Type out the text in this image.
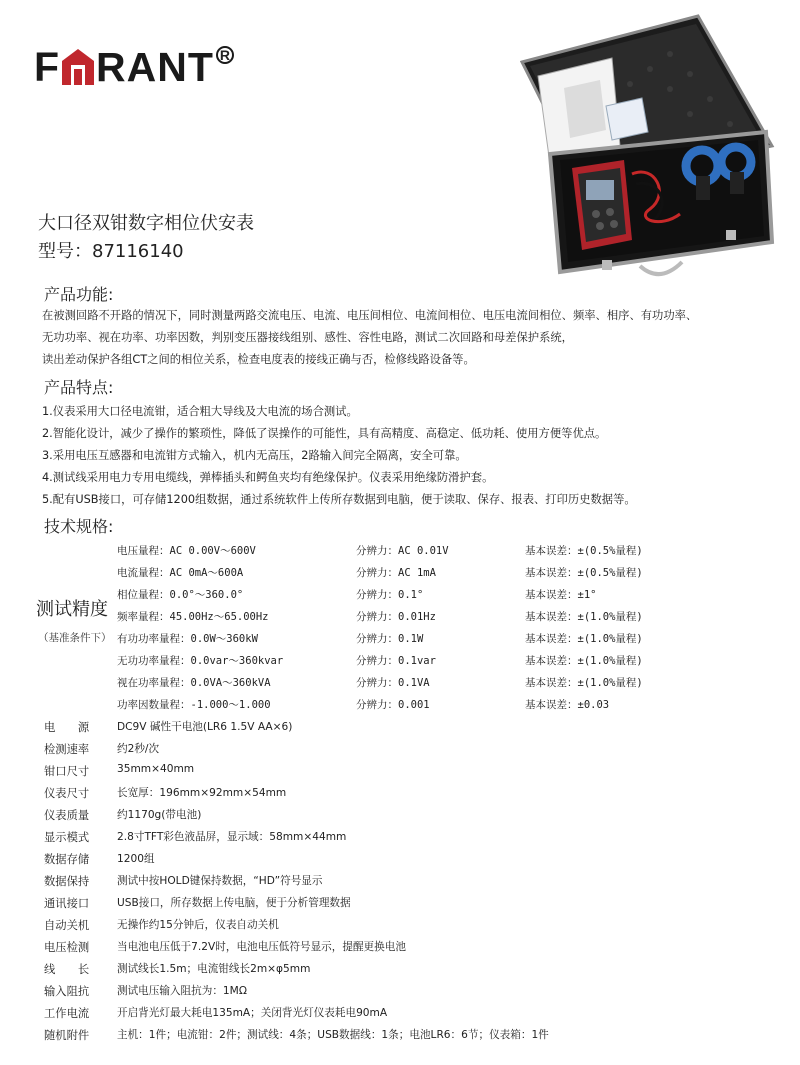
F RANT R
大口径双钳数字相位伏安表
型号：87116140
产品功能:
在被测回路不开路的情况下，同时测量两路交流电压、电流、电压间相位、电流间相位、电压电流间相位、频率、相序、有功功率、
无功功率、视在功率、功率因数，判别变压器接线组别、感性、容性电路，测试二次回路和母差保护系统，
读出差动保护各组CT之间的相位关系，检查电度表的接线正确与否，检修线路设备等。
产品特点:
1.仪表采用大口径电流钳，适合粗大导线及大电流的场合测试。
2.智能化设计，减少了操作的繁琐性，降低了误操作的可能性，具有高精度、高稳定、低功耗、使用方便等优点。
3.采用电压互感器和电流钳方式输入，机内无高压，2路输入间完全隔离，安全可靠。
4.测试线采用电力专用电缆线，弹棒插头和鳄鱼夹均有绝缘保护。仪表采用绝缘防滑护套。
5.配有USB接口，可存储1200组数据，通过系统软件上传所存数据到电脑，便于读取、保存、报表、打印历史数据等。
技术规格:
测试精度
（基准条件下）
电压量程：AC 0.00V～600V	分辨力：AC 0.01V	基本误差：±(0.5%量程)
电流量程：AC 0mA～600A	分辨力：AC 1mA	基本误差：±(0.5%量程)
相位量程：0.0°～360.0°	分辨力：0.1°	基本误差：±1°
频率量程：45.00Hz～65.00Hz	分辨力：0.01Hz	基本误差：±(1.0%量程)
有功功率量程：0.0W～360kW	分辨力：0.1W	基本误差：±(1.0%量程)
无功功率量程：0.0var～360kvar	分辨力：0.1var	基本误差：±(1.0%量程)
视在功率量程：0.0VA～360kVA	分辨力：0.1VA	基本误差：±(1.0%量程)
功率因数量程：-1.000～1.000	分辨力：0.001	基本误差：±0.03
电　　源	DC9V 碱性干电池(LR6 1.5V AA×6)
检测速率	约2秒/次
钳口尺寸	35mm×40mm
仪表尺寸	长宽厚：196mm×92mm×54mm
仪表质量	约1170g(带电池)
显示模式	2.8寸TFT彩色液晶屏，显示域：58mm×44mm
数据存储	1200组
数据保持	测试中按HOLD键保持数据，“HD”符号显示
通讯接口	USB接口，所存数据上传电脑，便于分析管理数据
自动关机	无操作约15分钟后，仪表自动关机
电压检测	当电池电压低于7.2V时，电池电压低符号显示，提醒更换电池
线　　长	测试线长1.5m；电流钳线长2m×φ5mm
输入阻抗	测试电压输入阻抗为：1MΩ
工作电流	开启背光灯最大耗电135mA；关闭背光灯仪表耗电90mA
随机附件	主机：1件；电流钳：2件；测试线：4条；USB数据线：1条；电池LR6：6节；仪表箱：1件
